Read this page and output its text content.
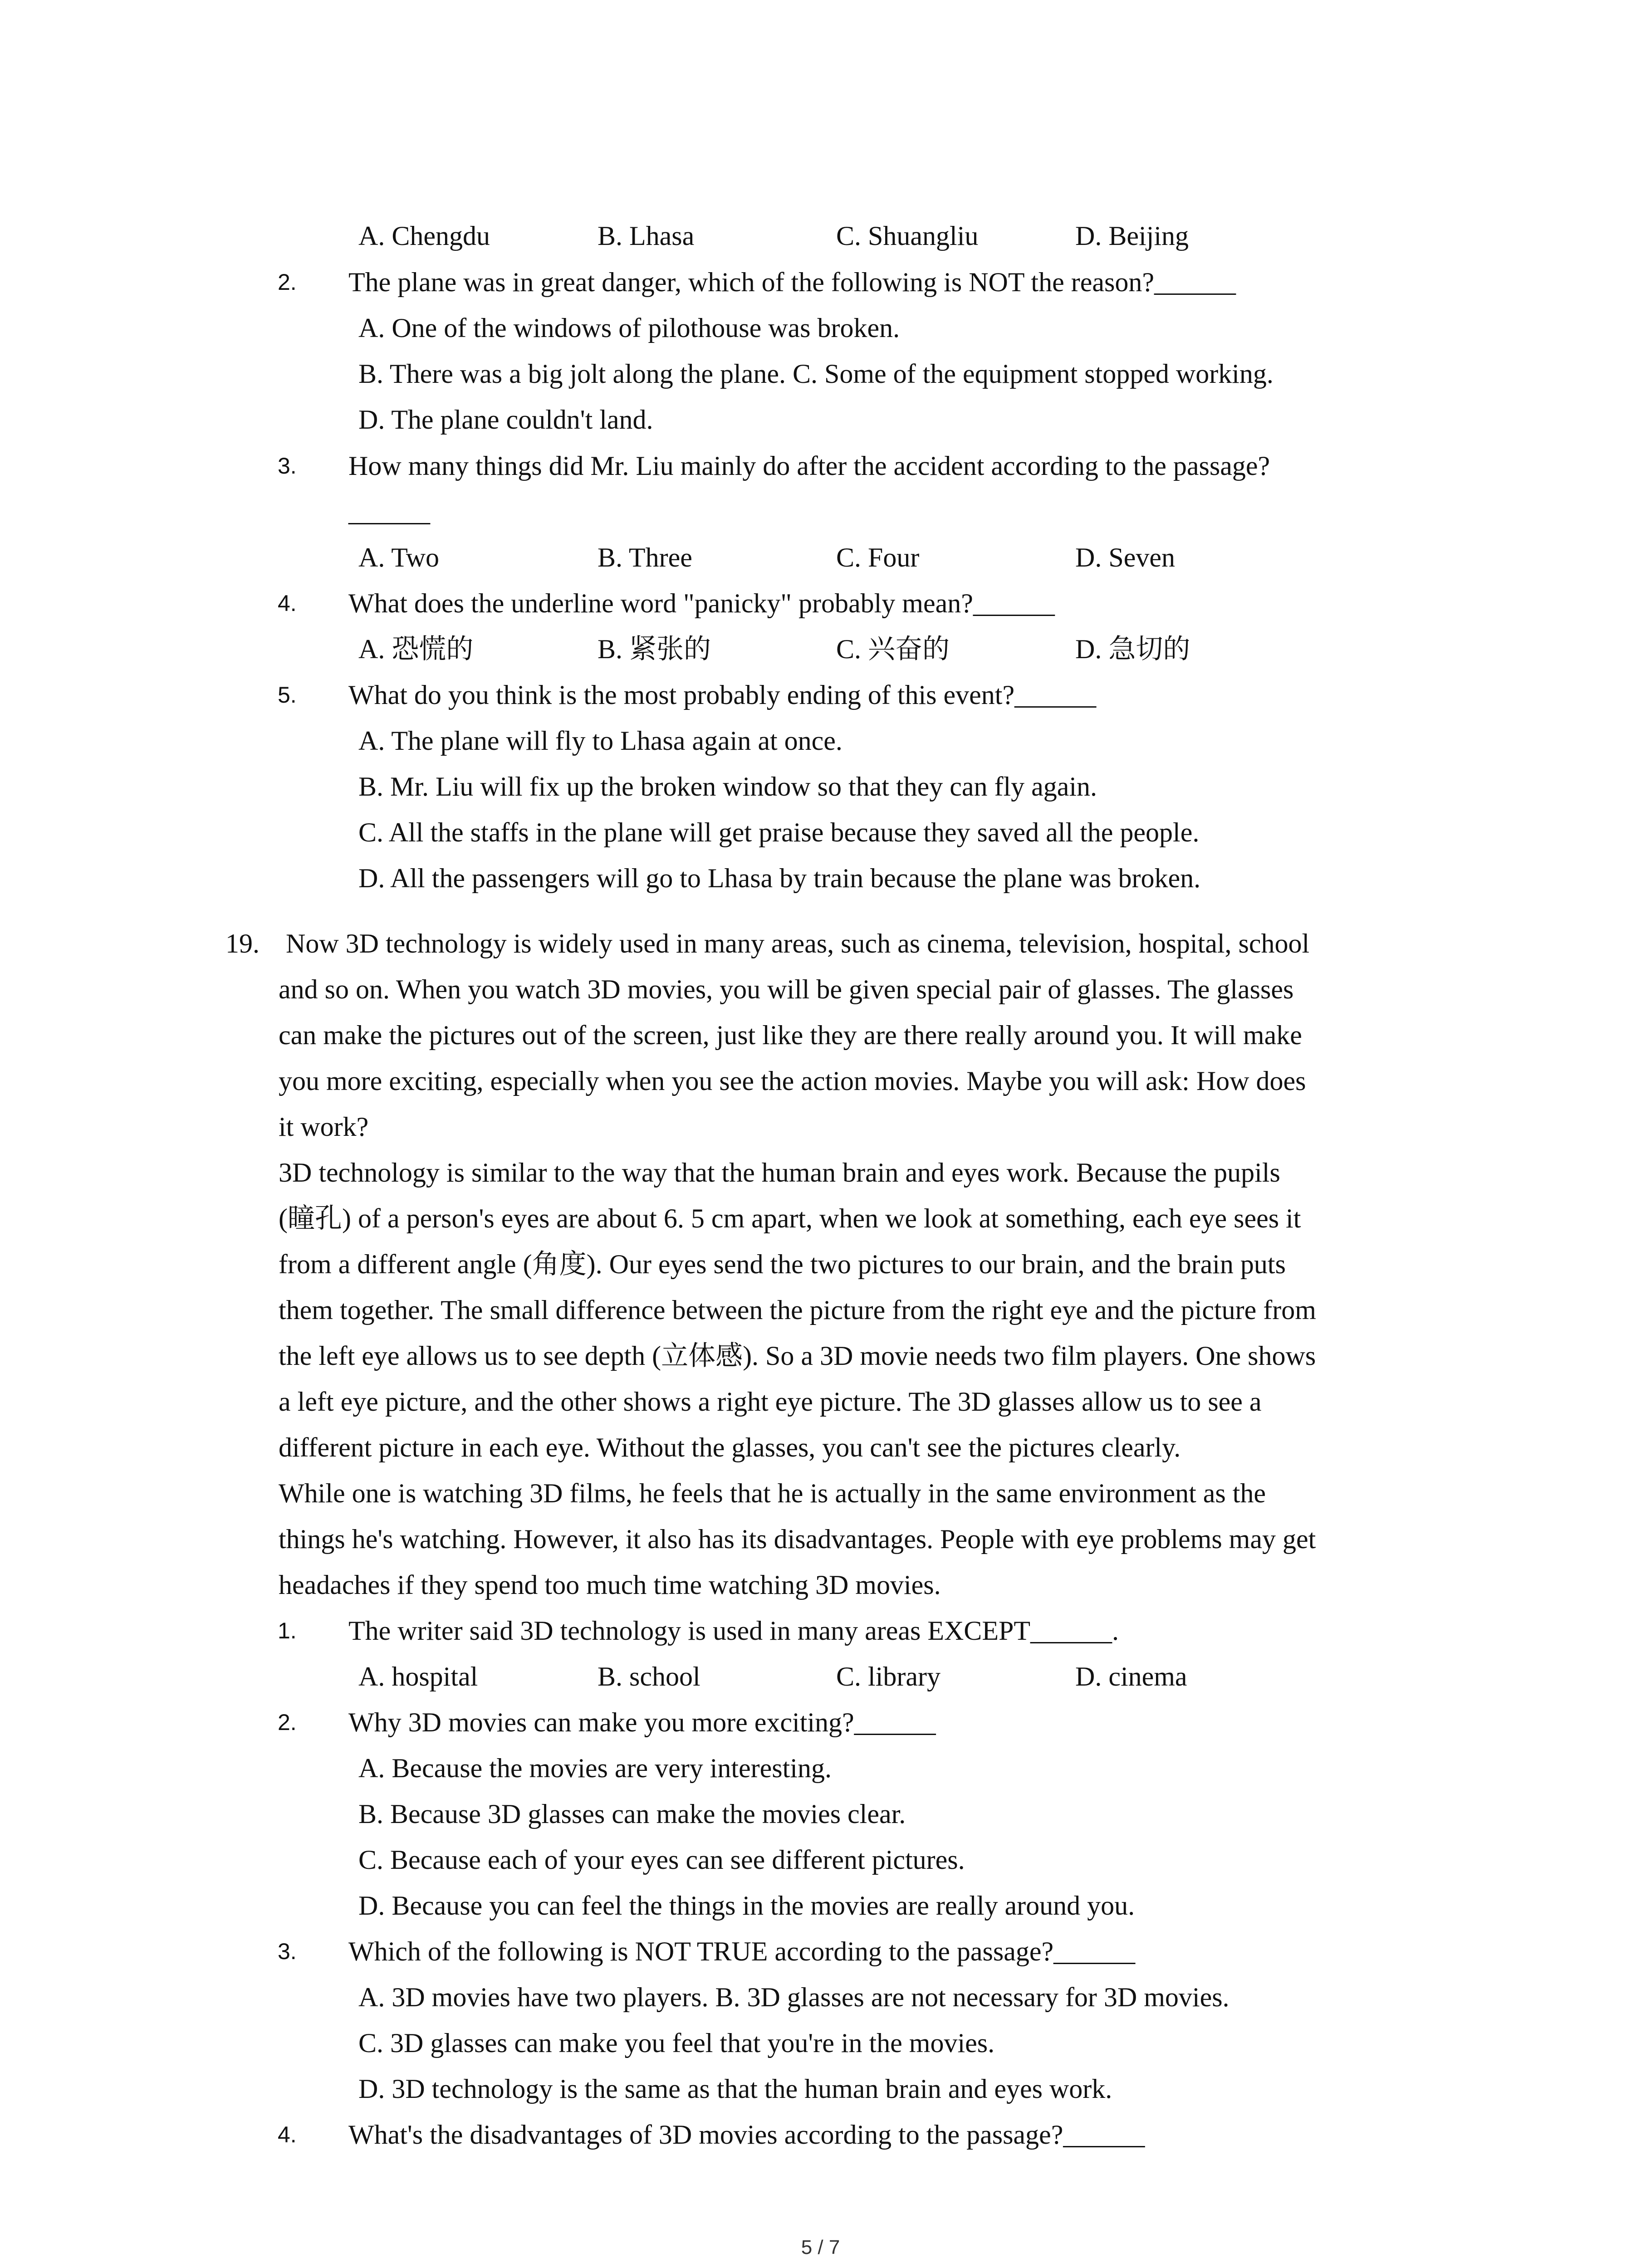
A. Chengdu	B. Lhasa	C. Shuangliu	D. Beijing
2. The plane was in great danger, which of the following is NOT the reason?______
A. One of the windows of pilothouse was broken.
B. There was a big jolt along the plane. C. Some of the equipment stopped working.
D. The plane couldn't land.
3. How many things did Mr. Liu mainly do after the accident according to the passage?
______
A. Two	B. Three	C. Four	D. Seven
4. What does the underline word "panicky" probably mean?______
A. 恐慌的	B. 紧张的	C. 兴奋的	D. 急切的
5. What do you think is the most probably ending of this event?______
A. The plane will fly to Lhasa again at once.
B. Mr. Liu will fix up the broken window so that they can fly again.
C. All the staffs in the plane will get praise because they saved all the people.
D. All the passengers will go to Lhasa by train because the plane was broken.
19. Now 3D technology is widely used in many areas, such as cinema, television, hospital, school
and so on. When you watch 3D movies, you will be given special pair of glasses. The glasses
can make the pictures out of the screen, just like they are there really around you. It will make
you more exciting, especially when you see the action movies. Maybe you will ask: How does
it work?
3D technology is similar to the way that the human brain and eyes work. Because the pupils
(瞳孔) of a person's eyes are about 6. 5 cm apart, when we look at something, each eye sees it
from a different angle (角度). Our eyes send the two pictures to our brain, and the brain puts
them together. The small difference between the picture from the right eye and the picture from
the left eye allows us to see depth (立体感). So a 3D movie needs two film players. One shows
a left eye picture, and the other shows a right eye picture. The 3D glasses allow us to see a
different picture in each eye. Without the glasses, you can't see the pictures clearly.
While one is watching 3D films, he feels that he is actually in the same environment as the
things he's watching. However, it also has its disadvantages. People with eye problems may get
headaches if they spend too much time watching 3D movies.
1. The writer said 3D technology is used in many areas EXCEPT______.
A. hospital	B. school	C. library	D. cinema
2. Why 3D movies can make you more exciting?______
A. Because the movies are very interesting.
B. Because 3D glasses can make the movies clear.
C. Because each of your eyes can see different pictures.
D. Because you can feel the things in the movies are really around you.
3. Which of the following is NOT TRUE according to the passage?______
A. 3D movies have two players. B. 3D glasses are not necessary for 3D movies.
C. 3D glasses can make you feel that you're in the movies.
D. 3D technology is the same as that the human brain and eyes work.
4. What's the disadvantages of 3D movies according to the passage?______
5 / 7
